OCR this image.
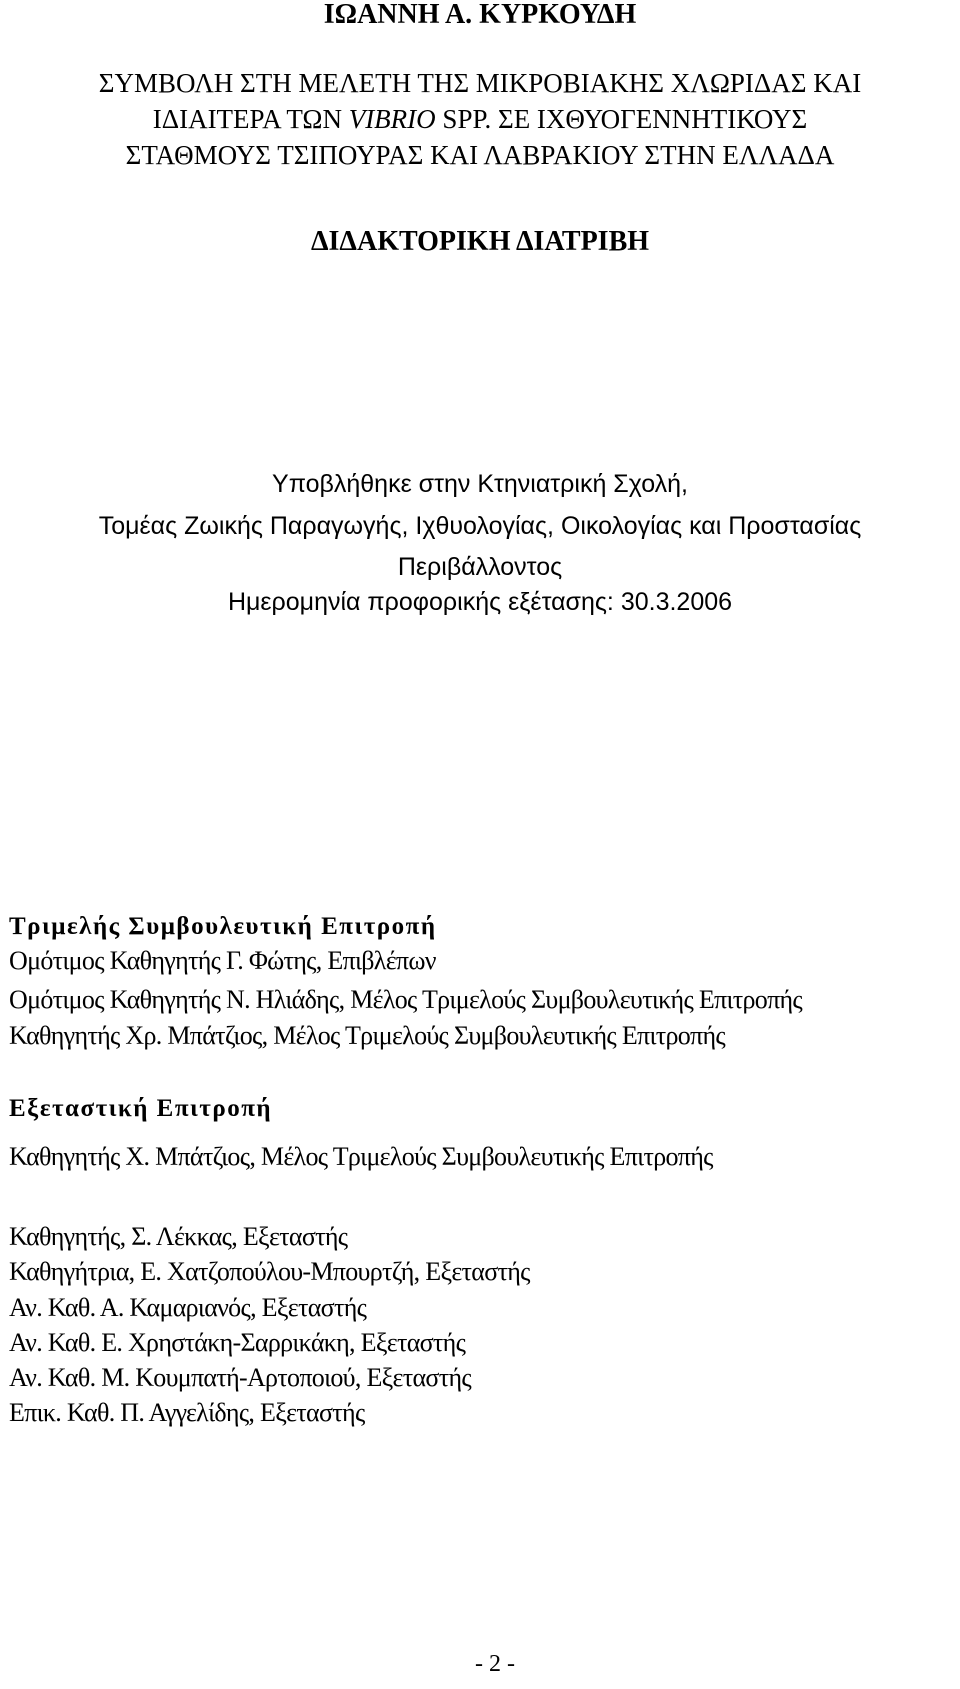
ΙΩΑΝΝΗ Α. ΚΥΡΚΟΥΔΗ
ΣΥΜΒΟΛΗ ΣΤΗ ΜΕΛΕΤΗ ΤΗΣ ΜΙΚΡΟΒΙΑΚΗΣ ΧΛΩΡΙΔΑΣ ΚΑΙ
ΙΔΙΑΙΤΕΡΑ ΤΩΝ VIBRIO SPP. ΣΕ ΙΧΘΥΟΓΕΝΝΗΤΙΚΟΥΣ
ΣΤΑΘΜΟΥΣ ΤΣΙΠΟΥΡΑΣ ΚΑΙ ΛΑΒΡΑΚΙΟΥ ΣΤΗΝ ΕΛΛΑΔΑ
ΔΙΔΑΚΤΟΡΙΚΗ ΔΙΑΤΡΙΒΗ
Υποβλήθηκε στην Κτηνιατρική Σχολή,
Τομέας Ζωικής Παραγωγής, Ιχθυολογίας, Οικολογίας και Προστασίας
Περιβάλλοντος
Ημερομηνία προφορικής εξέτασης: 30.3.2006
Τριμελής Συμβουλευτική Επιτροπή
Ομότιμος Καθηγητής Γ. Φώτης, Επιβλέπων
Ομότιμος Καθηγητής Ν. Ηλιάδης, Μέλος Τριμελούς Συμβουλευτικής Επιτροπής
Καθηγητής Χρ. Μπάτζιος, Μέλος Τριμελούς Συμβουλευτικής Επιτροπής
Εξεταστική Επιτροπή
Καθηγητής Χ. Μπάτζιος, Μέλος Τριμελούς Συμβουλευτικής Επιτροπής
Καθηγητής, Σ. Λέκκας, Εξεταστής
Καθηγήτρια, Ε. Χατζοπούλου-Μπουρτζή, Εξεταστής
Αν. Καθ. Α. Καμαριανός, Εξεταστής
Αν. Καθ. Ε. Χρηστάκη-Σαρρικάκη, Εξεταστής
Αν. Καθ. Μ. Κουμπατή-Αρτοποιού, Εξεταστής
Επικ. Καθ. Π. Αγγελίδης, Εξεταστής
- 2 -
